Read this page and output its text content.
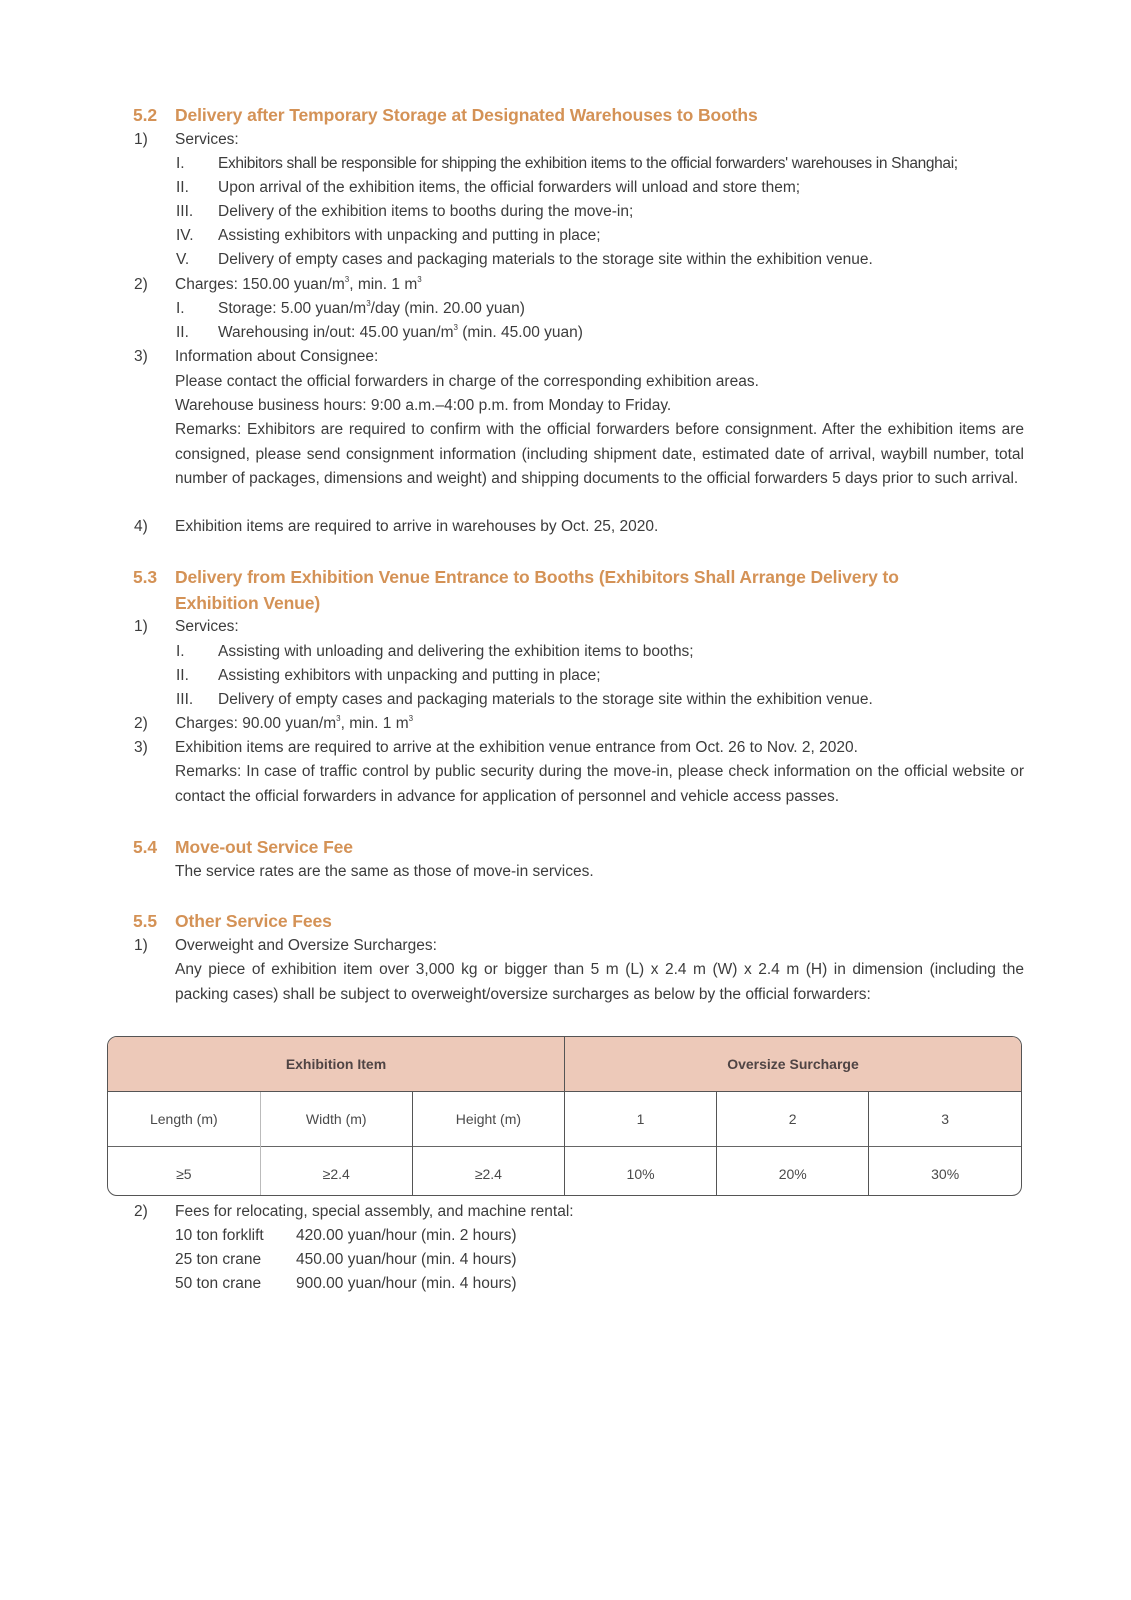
5.2 Delivery after Temporary Storage at Designated Warehouses to Booths
1) Services:
I. Exhibitors shall be responsible for shipping the exhibition items to the official forwarders' warehouses in Shanghai;
II. Upon arrival of the exhibition items, the official forwarders will unload and store them;
III. Delivery of the exhibition items to booths during the move-in;
IV. Assisting exhibitors with unpacking and putting in place;
V. Delivery of empty cases and packaging materials to the storage site within the exhibition venue.
2) Charges: 150.00 yuan/$m^3$, min. 1 $m^3$
I. Storage: 5.00 yuan/$m^3$/day (min. 20.00 yuan)
II. Warehousing in/out: 45.00 yuan/$m^3$ (min. 45.00 yuan)
3) Information about Consignee:
Please contact the official forwarders in charge of the corresponding exhibition areas.
Warehouse business hours: 9:00 a.m.–4:00 p.m. from Monday to Friday.
Remarks: Exhibitors are required to confirm with the official forwarders before consignment. After the exhibition items are consigned, please send consignment information (including shipment date, estimated date of arrival, waybill number, total number of packages, dimensions and weight) and shipping documents to the official forwarders 5 days prior to such arrival.
4) Exhibition items are required to arrive in warehouses by Oct. 25, 2020.
5.3 Delivery from Exhibition Venue Entrance to Booths (Exhibitors Shall Arrange Delivery to Exhibition Venue)
1) Services:
I. Assisting with unloading and delivering the exhibition items to booths;
II. Assisting exhibitors with unpacking and putting in place;
III. Delivery of empty cases and packaging materials to the storage site within the exhibition venue.
2) Charges: 90.00 yuan/$m^3$, min. 1 $m^3$
3) Exhibition items are required to arrive at the exhibition venue entrance from Oct. 26 to Nov. 2, 2020.
Remarks: In case of traffic control by public security during the move-in, please check information on the official website or contact the official forwarders in advance for application of personnel and vehicle access passes.
5.4 Move-out Service Fee
The service rates are the same as those of move-in services.
5.5 Other Service Fees
1) Overweight and Oversize Surcharges:
Any piece of exhibition item over 3,000 kg or bigger than 5 m (L) x 2.4 m (W) x 2.4 m (H) in dimension (including the packing cases) shall be subject to overweight/oversize surcharges as below by the official forwarders:
Exhibition Item			Oversize Surcharge		
Length (m)	Width (m)	Height (m)	1	2	3
≥5	≥2.4	≥2.4	10%	20%	30%
2) Fees for relocating, special assembly, and machine rental:
10 ton forklift 420.00 yuan/hour (min. 2 hours)
25 ton crane 450.00 yuan/hour (min. 4 hours)
50 ton crane 900.00 yuan/hour (min. 4 hours)
